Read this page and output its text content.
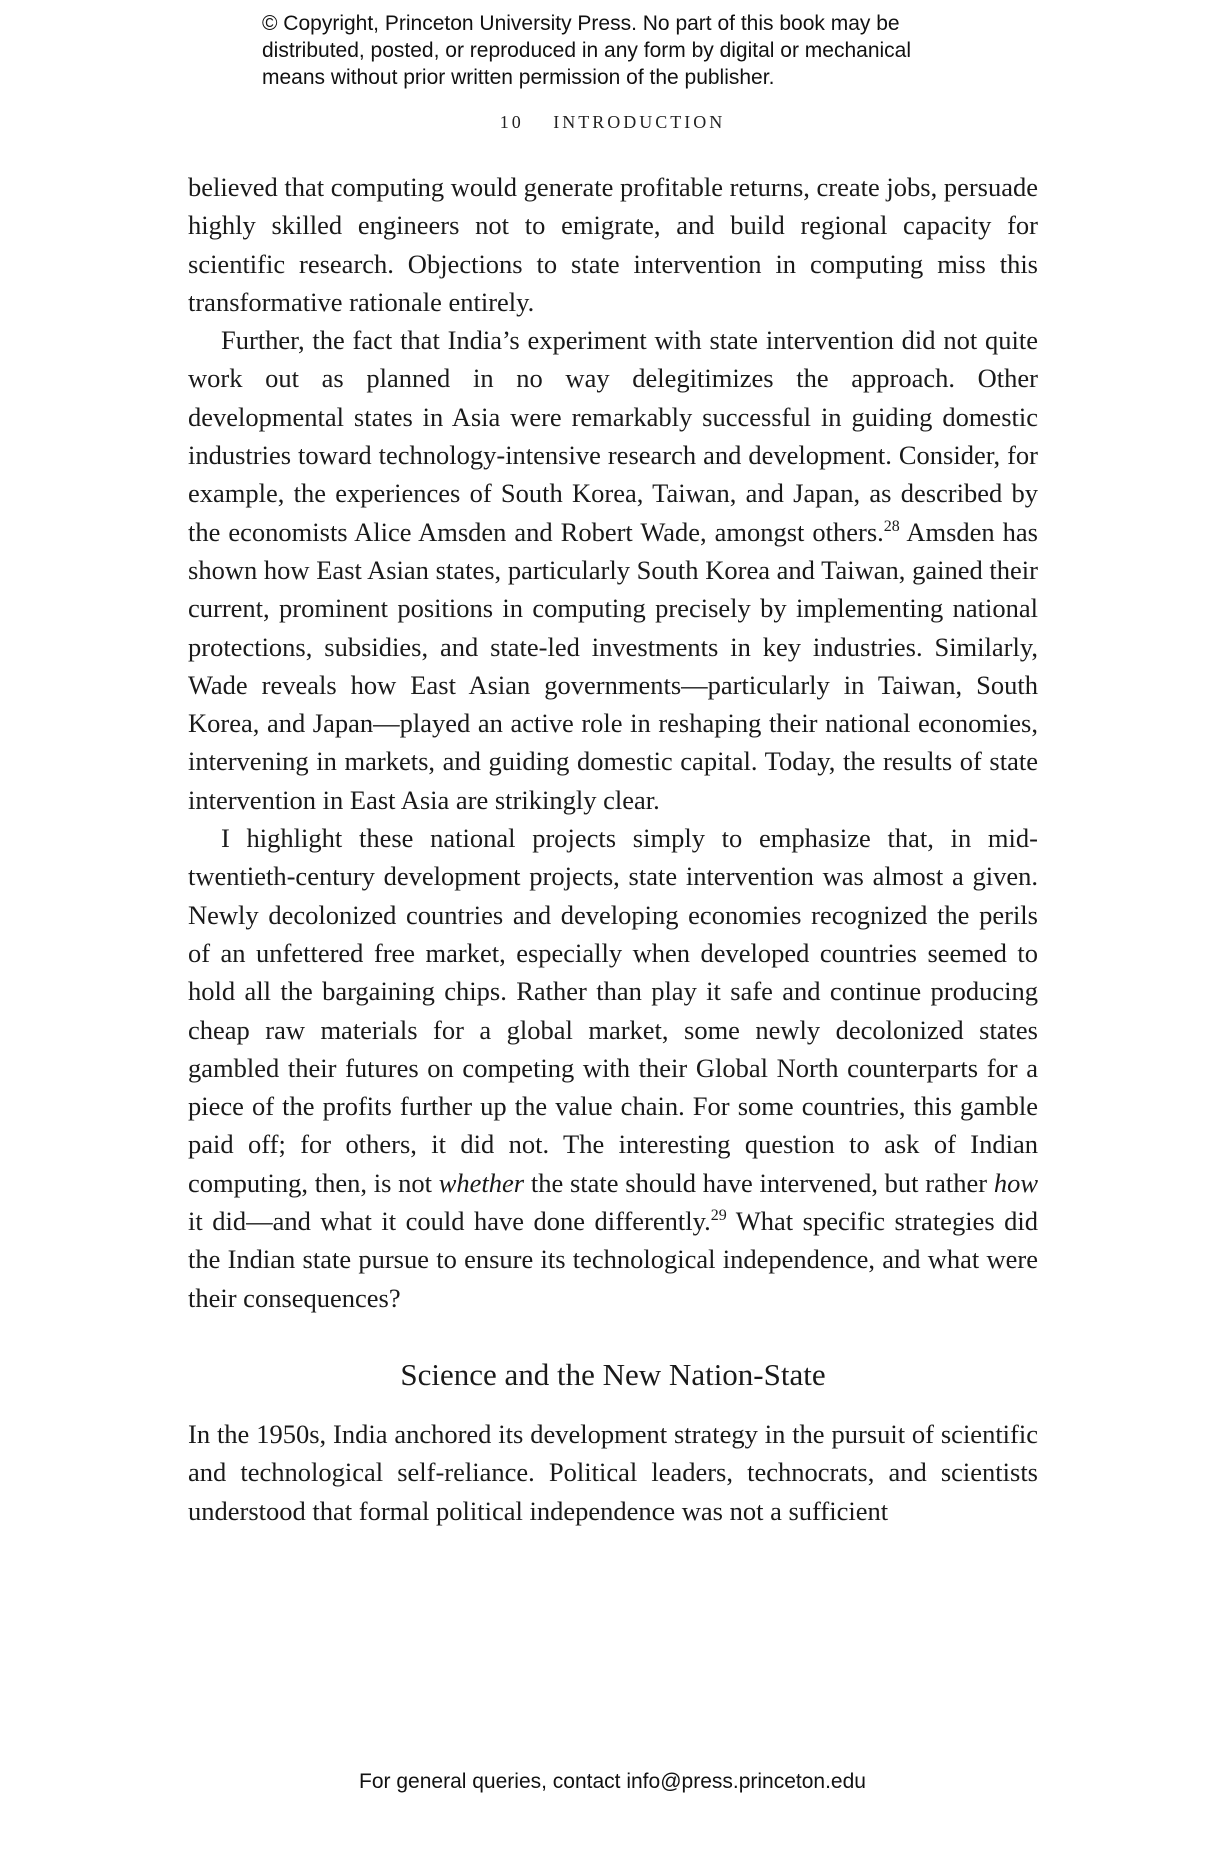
© Copyright, Princeton University Press. No part of this book may be
distributed, posted, or reproduced in any form by digital or mechanical
means without prior written permission of the publisher.
10 INTRODUCTION

believed that computing would generate profitable returns, create jobs, persuade highly skilled engineers not to emigrate, and build regional capacity for scientific research. Objections to state intervention in computing miss this transformative rationale entirely.

Further, the fact that India’s experiment with state intervention did not quite work out as planned in no way delegitimizes the approach. Other developmental states in Asia were remarkably successful in guiding domestic industries toward technology-intensive research and development. Consider, for example, the experiences of South Korea, Taiwan, and Japan, as described by the economists Alice Amsden and Robert Wade, amongst others.$^{28}$ Amsden has shown how East Asian states, particularly South Korea and Taiwan, gained their current, prominent positions in computing precisely by implementing national protections, subsidies, and state-led investments in key industries. Similarly, Wade reveals how East Asian governments—particularly in Taiwan, South Korea, and Japan—played an active role in reshaping their national economies, intervening in markets, and guiding domestic capital. Today, the results of state intervention in East Asia are strikingly clear.

I highlight these national projects simply to emphasize that, in mid-twentieth-century development projects, state intervention was almost a given. Newly decolonized countries and developing economies recognized the perils of an unfettered free market, especially when developed countries seemed to hold all the bargaining chips. Rather than play it safe and continue producing cheap raw materials for a global market, some newly decolonized states gambled their futures on competing with their Global North counterparts for a piece of the profits further up the value chain. For some countries, this gamble paid off; for others, it did not. The interesting question to ask of Indian computing, then, is not whether the state should have intervened, but rather how it did—and what it could have done differently.$^{29}$ What specific strategies did the Indian state pursue to ensure its technological independence, and what were their consequences?

Science and the New Nation-State

In the 1950s, India anchored its development strategy in the pursuit of scientific and technological self-reliance. Political leaders, technocrats, and scientists understood that formal political independence was not a sufficient

For general queries, contact info@press.princeton.edu
